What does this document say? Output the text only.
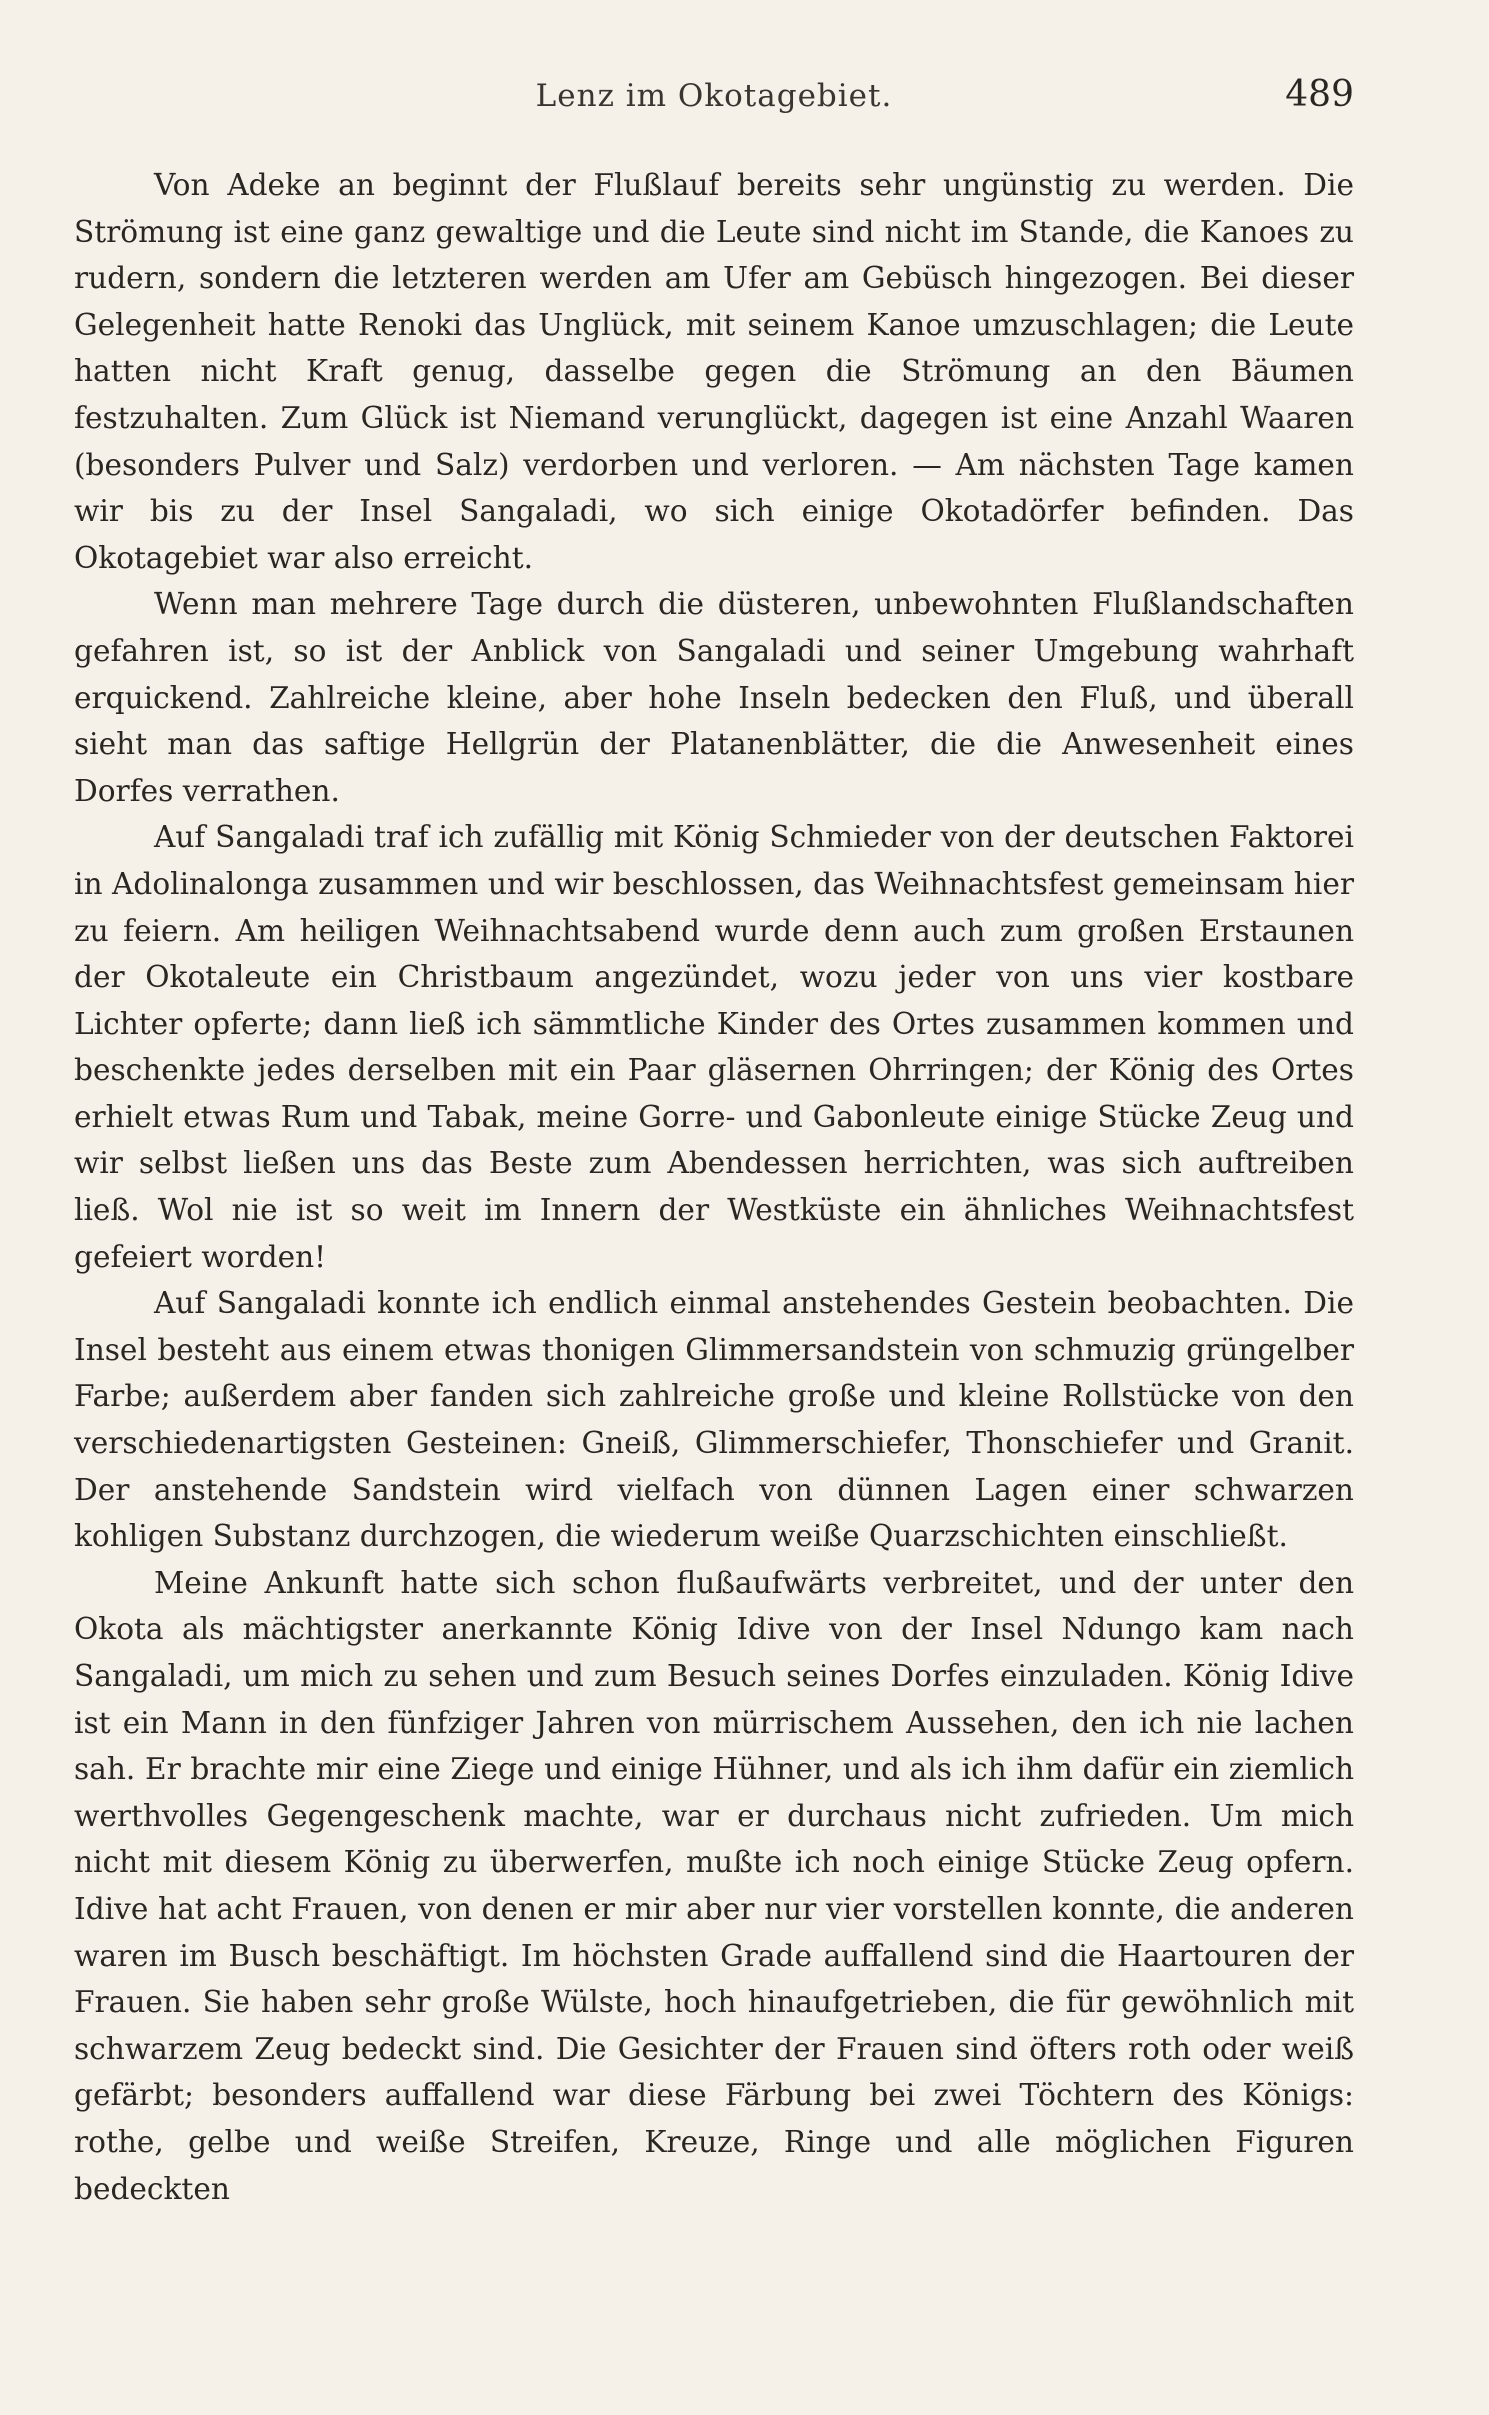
Lenz im Okotagebiet.	489

Von Adeke an beginnt der Flußlauf bereits sehr ungünstig zu werden. Die Strömung ist eine ganz gewaltige und die Leute sind nicht im Stande, die Kanoes zu rudern, sondern die letzteren werden am Ufer am Gebüsch hingezogen. Bei dieser Gelegenheit hatte Renoki das Unglück, mit seinem Kanoe umzuschlagen; die Leute hatten nicht Kraft genug, dasselbe gegen die Strömung an den Bäumen festzuhalten. Zum Glück ist Niemand verunglückt, dagegen ist eine Anzahl Waaren (besonders Pulver und Salz) verdorben und verloren. — Am nächsten Tage kamen wir bis zu der Insel Sangaladi, wo sich einige Okotadörfer befinden. Das Okotagebiet war also erreicht.

Wenn man mehrere Tage durch die düsteren, unbewohnten Flußlandschaften gefahren ist, so ist der Anblick von Sangaladi und seiner Umgebung wahrhaft erquickend. Zahlreiche kleine, aber hohe Inseln bedecken den Fluß, und überall sieht man das saftige Hellgrün der Platanenblätter, die die Anwesenheit eines Dorfes verrathen.

Auf Sangaladi traf ich zufällig mit König Schmieder von der deutschen Faktorei in Adolinalonga zusammen und wir beschlossen, das Weihnachtsfest gemeinsam hier zu feiern. Am heiligen Weihnachtsabend wurde denn auch zum großen Erstaunen der Okotaleute ein Christbaum angezündet, wozu jeder von uns vier kostbare Lichter opferte; dann ließ ich sämmtliche Kinder des Ortes zusammen kommen und beschenkte jedes derselben mit ein Paar gläsernen Ohrringen; der König des Ortes erhielt etwas Rum und Tabak, meine Gorre- und Gabonleute einige Stücke Zeug und wir selbst ließen uns das Beste zum Abendessen herrichten, was sich auftreiben ließ. Wol nie ist so weit im Innern der Westküste ein ähnliches Weihnachtsfest gefeiert worden!

Auf Sangaladi konnte ich endlich einmal anstehendes Gestein beobachten. Die Insel besteht aus einem etwas thonigen Glimmersandstein von schmuzig grüngelber Farbe; außerdem aber fanden sich zahlreiche große und kleine Rollstücke von den verschiedenartigsten Gesteinen: Gneiß, Glimmerschiefer, Thonschiefer und Granit. Der anstehende Sandstein wird vielfach von dünnen Lagen einer schwarzen kohligen Substanz durchzogen, die wiederum weiße Quarzschichten einschließt.

Meine Ankunft hatte sich schon flußaufwärts verbreitet, und der unter den Okota als mächtigster anerkannte König Idive von der Insel Ndungo kam nach Sangaladi, um mich zu sehen und zum Besuch seines Dorfes einzuladen. König Idive ist ein Mann in den fünfziger Jahren von mürrischem Aussehen, den ich nie lachen sah. Er brachte mir eine Ziege und einige Hühner, und als ich ihm dafür ein ziemlich werthvolles Gegengeschenk machte, war er durchaus nicht zufrieden. Um mich nicht mit diesem König zu überwerfen, mußte ich noch einige Stücke Zeug opfern. Idive hat acht Frauen, von denen er mir aber nur vier vorstellen konnte, die anderen waren im Busch beschäftigt. Im höchsten Grade auffallend sind die Haartouren der Frauen. Sie haben sehr große Wülste, hoch hinaufgetrieben, die für gewöhnlich mit schwarzem Zeug bedeckt sind. Die Gesichter der Frauen sind öfters roth oder weiß gefärbt; besonders auffallend war diese Färbung bei zwei Töchtern des Königs: rothe, gelbe und weiße Streifen, Kreuze, Ringe und alle möglichen Figuren bedeckten
